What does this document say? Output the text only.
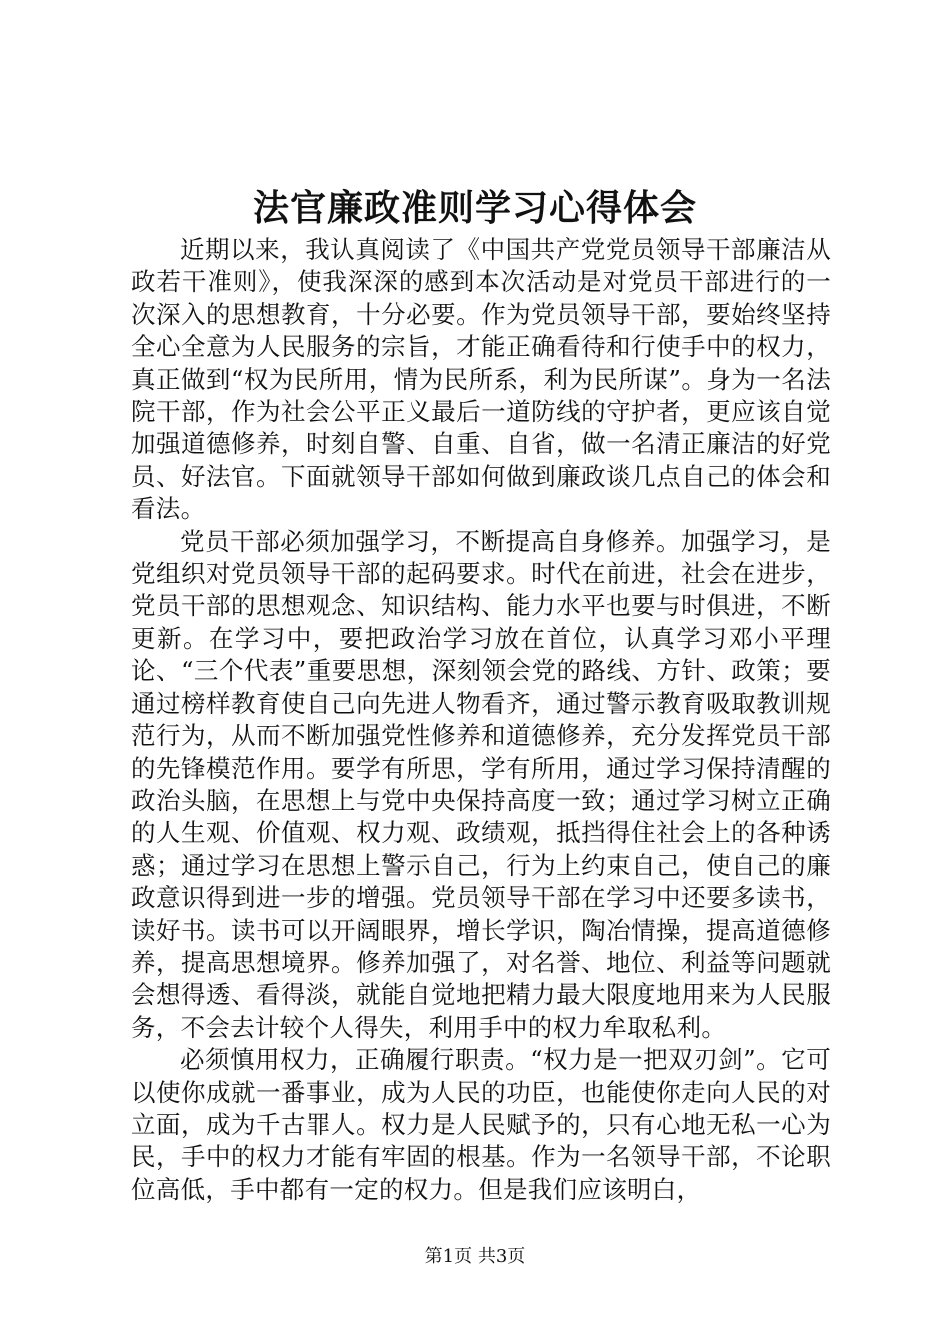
法官廉政准则学习心得体会

近期以来，我认真阅读了《中国共产党党员领导干部廉洁从政若干准则》，使我深深的感到本次活动是对党员干部进行的一次深入的思想教育，十分必要。作为党员领导干部，要始终坚持全心全意为人民服务的宗旨，才能正确看待和行使手中的权力，真正做到“权为民所用，情为民所系，利为民所谋”。身为一名法院干部，作为社会公平正义最后一道防线的守护者，更应该自觉加强道德修养，时刻自警、自重、自省，做一名清正廉洁的好党员、好法官。下面就领导干部如何做到廉政谈几点自己的体会和看法。

党员干部必须加强学习，不断提高自身修养。加强学习，是党组织对党员领导干部的起码要求。时代在前进，社会在进步，党员干部的思想观念、知识结构、能力水平也要与时俱进，不断更新。在学习中，要把政治学习放在首位，认真学习邓小平理论、“三个代表”重要思想，深刻领会党的路线、方针、政策；要通过榜样教育使自己向先进人物看齐，通过警示教育吸取教训规范行为，从而不断加强党性修养和道德修养，充分发挥党员干部的先锋模范作用。要学有所思，学有所用，通过学习保持清醒的政治头脑，在思想上与党中央保持高度一致；通过学习树立正确的人生观、价值观、权力观、政绩观，抵挡得住社会上的各种诱惑；通过学习在思想上警示自己，行为上约束自己，使自己的廉政意识得到进一步的增强。党员领导干部在学习中还要多读书，读好书。读书可以开阔眼界，增长学识，陶冶情操，提高道德修养，提高思想境界。修养加强了，对名誉、地位、利益等问题就会想得透、看得淡，就能自觉地把精力最大限度地用来为人民服务，不会去计较个人得失，利用手中的权力牟取私利。

必须慎用权力，正确履行职责。“权力是一把双刃剑”。它可以使你成就一番事业，成为人民的功臣，也能使你走向人民的对立面，成为千古罪人。权力是人民赋予的，只有心地无私一心为民，手中的权力才能有牢固的根基。作为一名领导干部，不论职位高低，手中都有一定的权力。但是我们应该明白，

第1页 共3页
